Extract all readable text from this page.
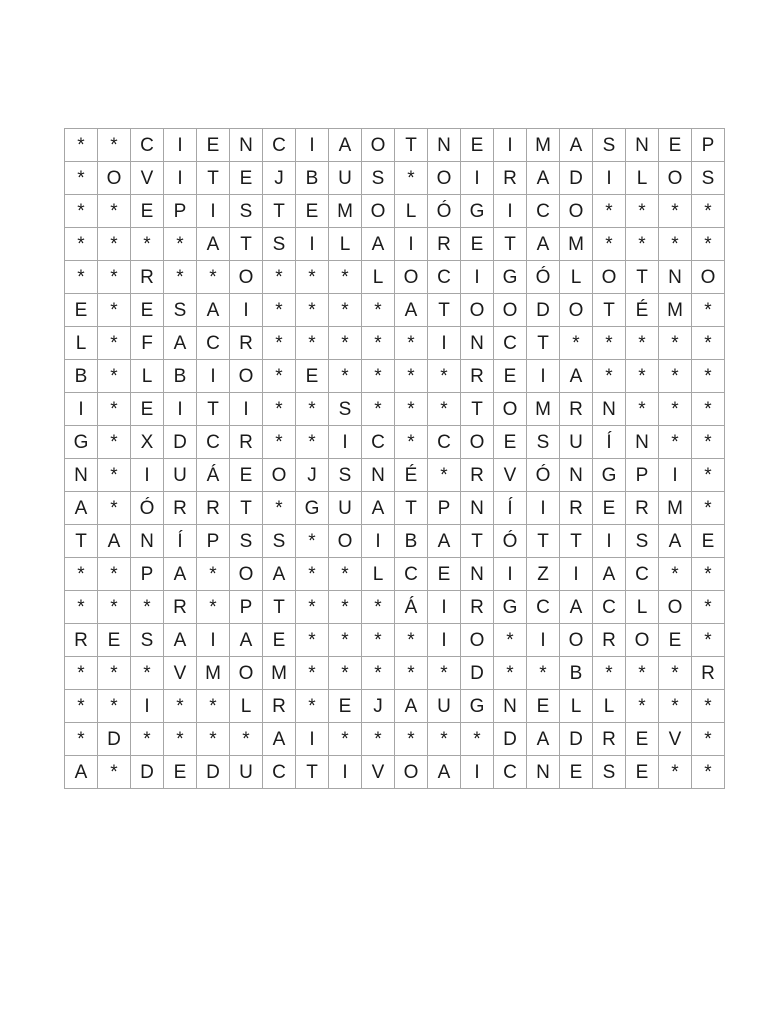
*	*	C	I	E	N	C	I	A	O	T	N	E	I	M	A	S	N	E	P
*	O	V	I	T	E	J	B	U	S	*	O	I	R	A	D	I	L	O	S
*	*	E	P	I	S	T	E	M	O	L	Ó	G	I	C	O	*	*	*	*
*	*	*	*	A	T	S	I	L	A	I	R	E	T	A	M	*	*	*	*
*	*	R	*	*	O	*	*	*	L	O	C	I	G	Ó	L	O	T	N	O
E	*	E	S	A	I	*	*	*	*	A	T	O	O	D	O	T	É	M	*
L	*	F	A	C	R	*	*	*	*	*	I	N	C	T	*	*	*	*	*
B	*	L	B	I	O	*	E	*	*	*	*	R	E	I	A	*	*	*	*
I	*	E	I	T	I	*	*	S	*	*	*	T	O	M	R	N	*	*	*
G	*	X	D	C	R	*	*	I	C	*	C	O	E	S	U	Í	N	*	*
N	*	I	U	Á	E	O	J	S	N	É	*	R	V	Ó	N	G	P	I	*
A	*	Ó	R	R	T	*	G	U	A	T	P	N	Í	I	R	E	R	M	*
T	A	N	Í	P	S	S	*	O	I	B	A	T	Ó	T	T	I	S	A	E
*	*	P	A	*	O	A	*	*	L	C	E	N	I	Z	I	A	C	*	*
*	*	*	R	*	P	T	*	*	*	Á	I	R	G	C	A	C	L	O	*
R	E	S	A	I	A	E	*	*	*	*	I	O	*	I	O	R	O	E	*
*	*	*	V	M	O	M	*	*	*	*	*	D	*	*	B	*	*	*	R
*	*	I	*	*	L	R	*	E	J	A	U	G	N	E	L	L	*	*	*
*	D	*	*	*	*	A	I	*	*	*	*	*	D	A	D	R	E	V	*
A	*	D	E	D	U	C	T	I	V	O	A	I	C	N	E	S	E	*	*
